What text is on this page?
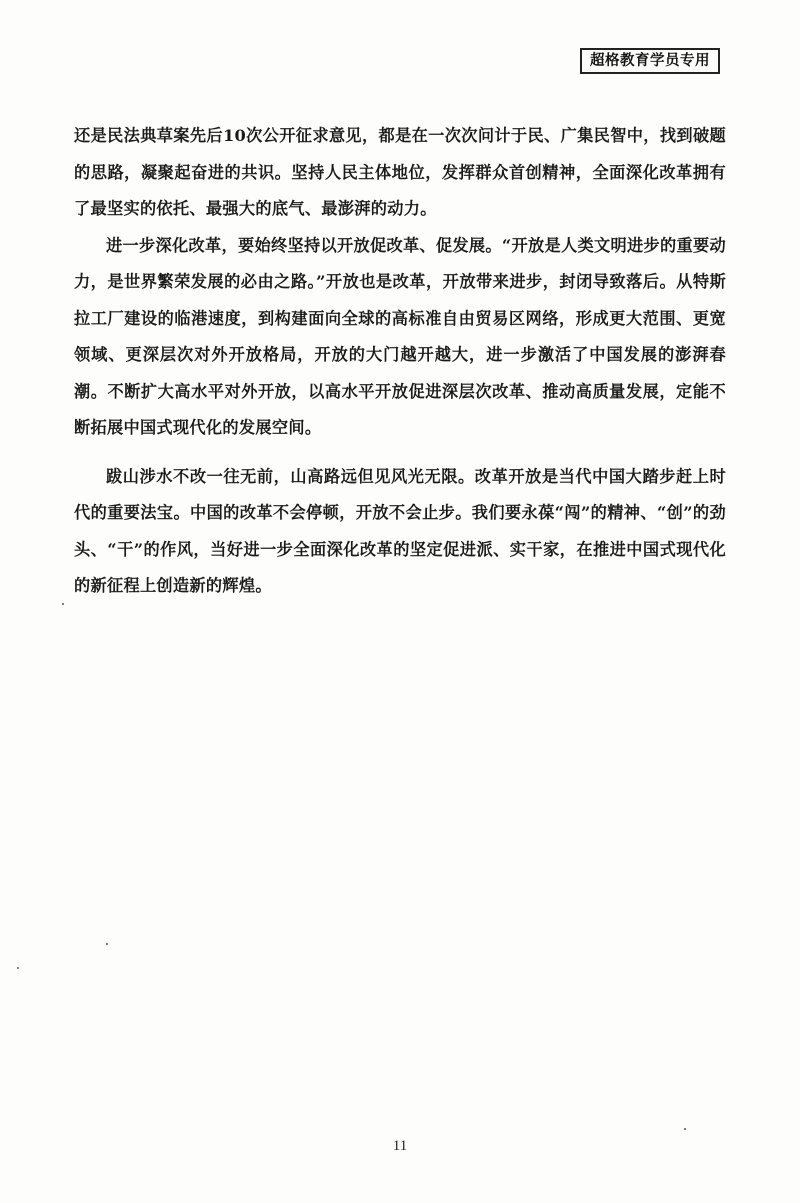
超格教育学员专用

还是民法典草案先后10次公开征求意见，都是在一次次问计于民、广集民智中，找到破题的思路，凝聚起奋进的共识。坚持人民主体地位，发挥群众首创精神，全面深化改革拥有了最坚实的依托、最强大的底气、最澎湃的动力。

进一步深化改革，要始终坚持以开放促改革、促发展。“开放是人类文明进步的重要动力，是世界繁荣发展的必由之路。”开放也是改革，开放带来进步，封闭导致落后。从特斯拉工厂建设的临港速度，到构建面向全球的高标准自由贸易区网络，形成更大范围、更宽领域、更深层次对外开放格局，开放的大门越开越大，进一步激活了中国发展的澎湃春潮。不断扩大高水平对外开放，以高水平开放促进深层次改革、推动高质量发展，定能不断拓展中国式现代化的发展空间。

跋山涉水不改一往无前，山高路远但见风光无限。改革开放是当代中国大踏步赶上时代的重要法宝。中国的改革不会停顿，开放不会止步。我们要永葆“闯”的精神、“创”的劲头、“干”的作风，当好进一步全面深化改革的坚定促进派、实干家，在推进中国式现代化的新征程上创造新的辉煌。

11
